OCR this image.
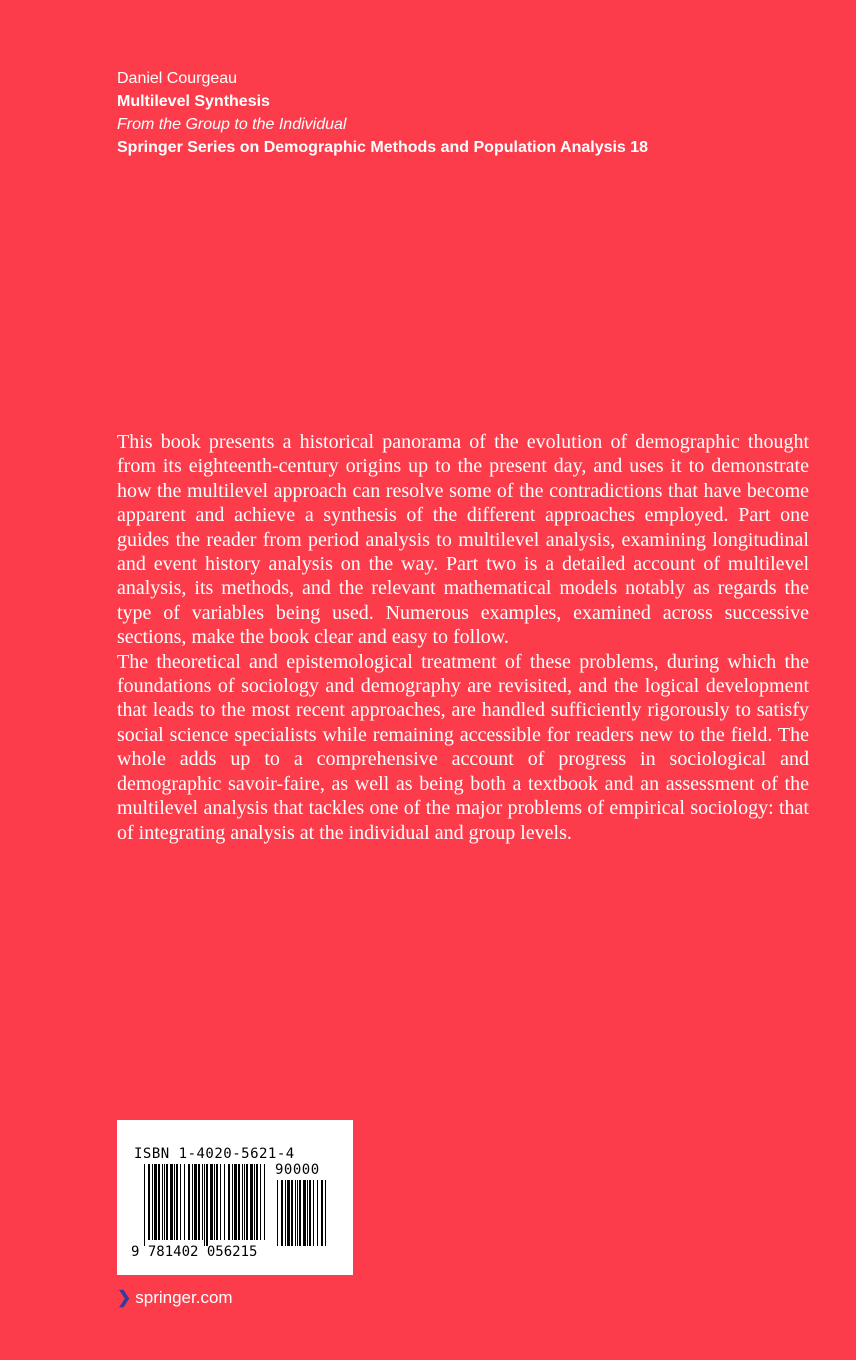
Daniel Courgeau
Multilevel Synthesis
From the Group to the Individual
Springer Series on Demographic Methods and Population Analysis 18

This book presents a historical panorama of the evolution of demographic thought from its eighteenth-century origins up to the present day, and uses it to demonstrate how the multilevel approach can resolve some of the contradictions that have become apparent and achieve a synthesis of the different approaches employed. Part one guides the reader from period analysis to multilevel analysis, examining longitudinal and event history analysis on the way. Part two is a detailed account of multilevel analysis, its methods, and the relevant mathematical models notably as regards the type of variables being used. Numerous examples, examined across successive sections, make the book clear and easy to follow.

The theoretical and epistemological treatment of these problems, during which the foundations of sociology and demography are revisited, and the logical development that leads to the most recent approaches, are handled sufficiently rigorously to satisfy social science specialists while remaining accessible for readers new to the field. The whole adds up to a comprehensive account of progress in sociological and demographic savoir-faire, as well as being both a textbook and an assessment of the multilevel analysis that tackles one of the major problems of empirical sociology: that of integrating analysis at the individual and group levels.

ISBN 1-4020-5621-4
90000
9 781402 056215
❯ springer.com
